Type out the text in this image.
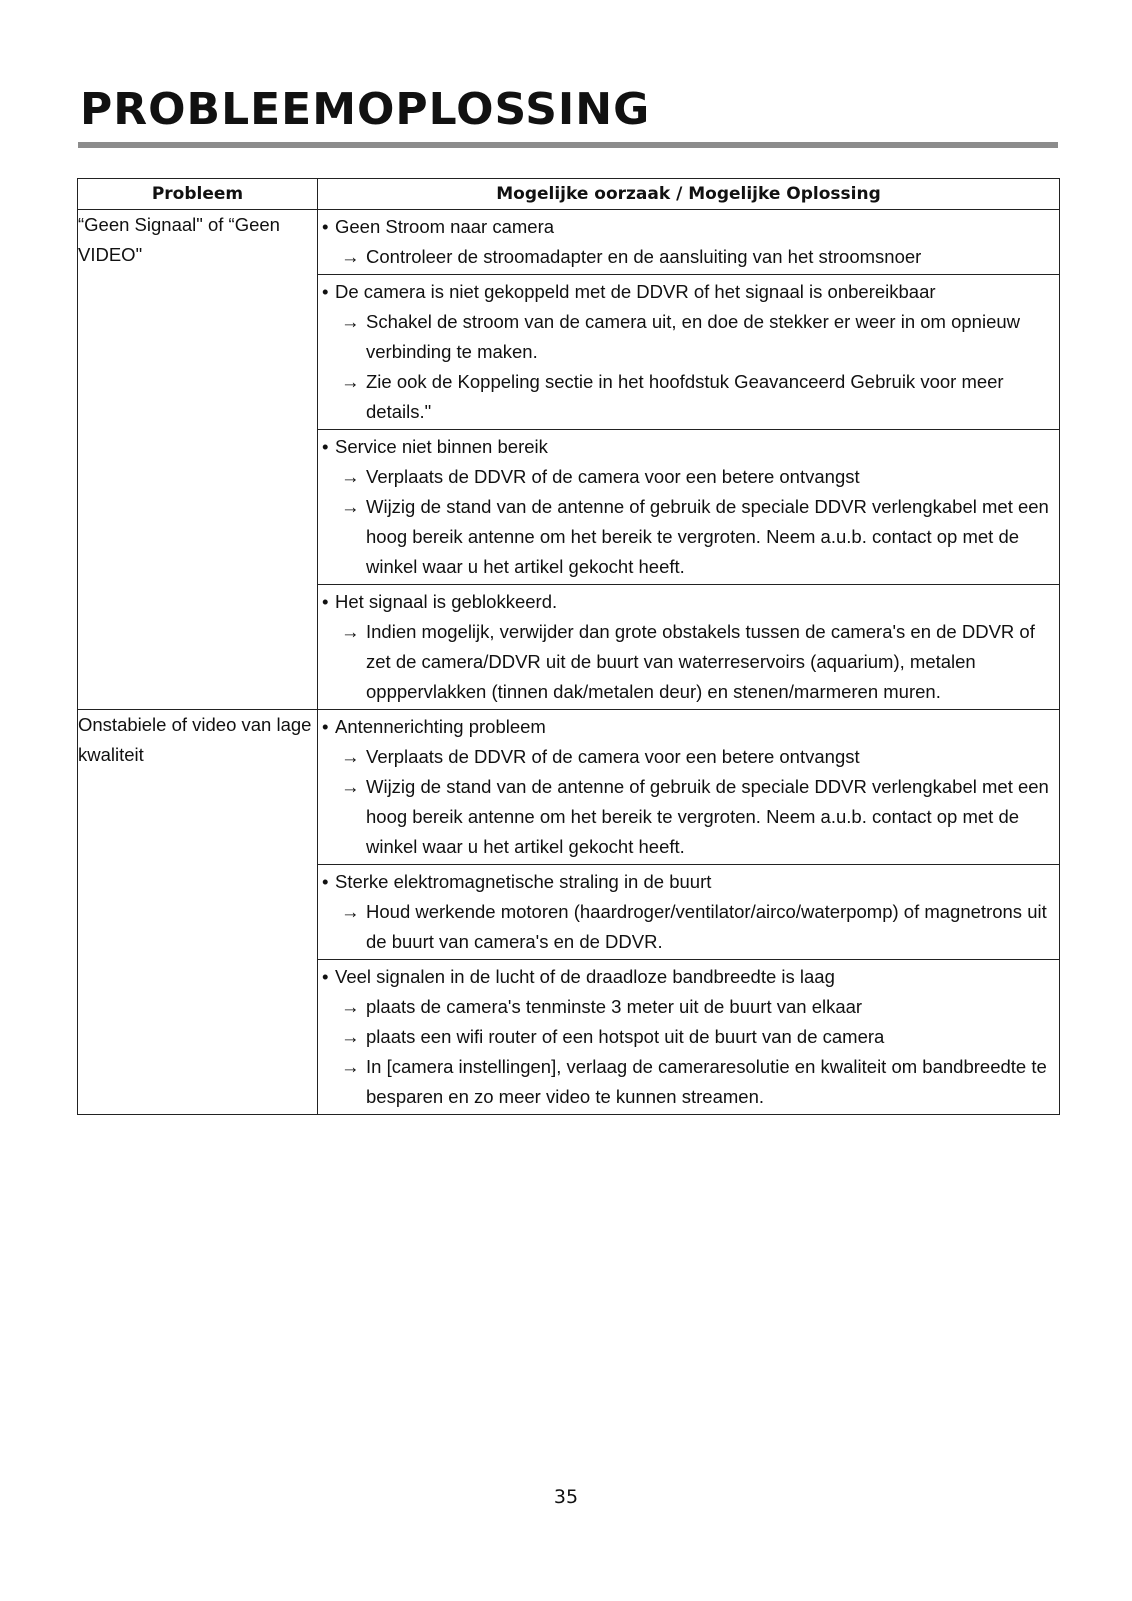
PROBLEEMOPLOSSING
Probleem	Mogelijke oorzaak / Mogelijke Oplossing
“Geen Signaal" of “Geen VIDEO"	• Geen Stroom naar camera
→ Controleer de stroomadapter en de aansluiting van het stroomsnoer

	• De camera is niet gekoppeld met de DDVR of het signaal is onbereikbaar
→ Schakel de stroom van de camera uit, en doe de stekker er weer in om opnieuw verbinding te maken.
→ Zie ook de Koppeling sectie in het hoofdstuk Geavanceerd Gebruik voor meer details."

	• Service niet binnen bereik
→ Verplaats de DDVR of de camera voor een betere ontvangst
→ Wijzig de stand van de antenne of gebruik de speciale DDVR verlengkabel met een hoog bereik antenne om het bereik te vergroten. Neem a.u.b. contact op met de winkel waar u het artikel gekocht heeft.

	• Het signaal is geblokkeerd.
→ Indien mogelijk, verwijder dan grote obstakels tussen de camera's en de DDVR of zet de camera/DDVR uit de buurt van waterreservoirs (aquarium), metalen opppervlakken (tinnen dak/metalen deur) en stenen/marmeren muren.

Onstabiele of video van lage kwaliteit	• Antennerichting probleem
→ Verplaats de DDVR of de camera voor een betere ontvangst
→ Wijzig de stand van de antenne of gebruik de speciale DDVR verlengkabel met een hoog bereik antenne om het bereik te vergroten. Neem a.u.b. contact op met de winkel waar u het artikel gekocht heeft.

	• Sterke elektromagnetische straling in de buurt
→ Houd werkende motoren (haardroger/ventilator/airco/waterpomp) of magnetrons uit de buurt van camera's en de DDVR.

	• Veel signalen in de lucht of de draadloze bandbreedte is laag
→ plaats de camera's tenminste 3 meter uit de buurt van elkaar
→ plaats een wifi router of een hotspot uit de buurt van de camera
→ In [camera instellingen], verlaag de cameraresolutie en kwaliteit om bandbreedte te besparen en zo meer video te kunnen streamen.
35
